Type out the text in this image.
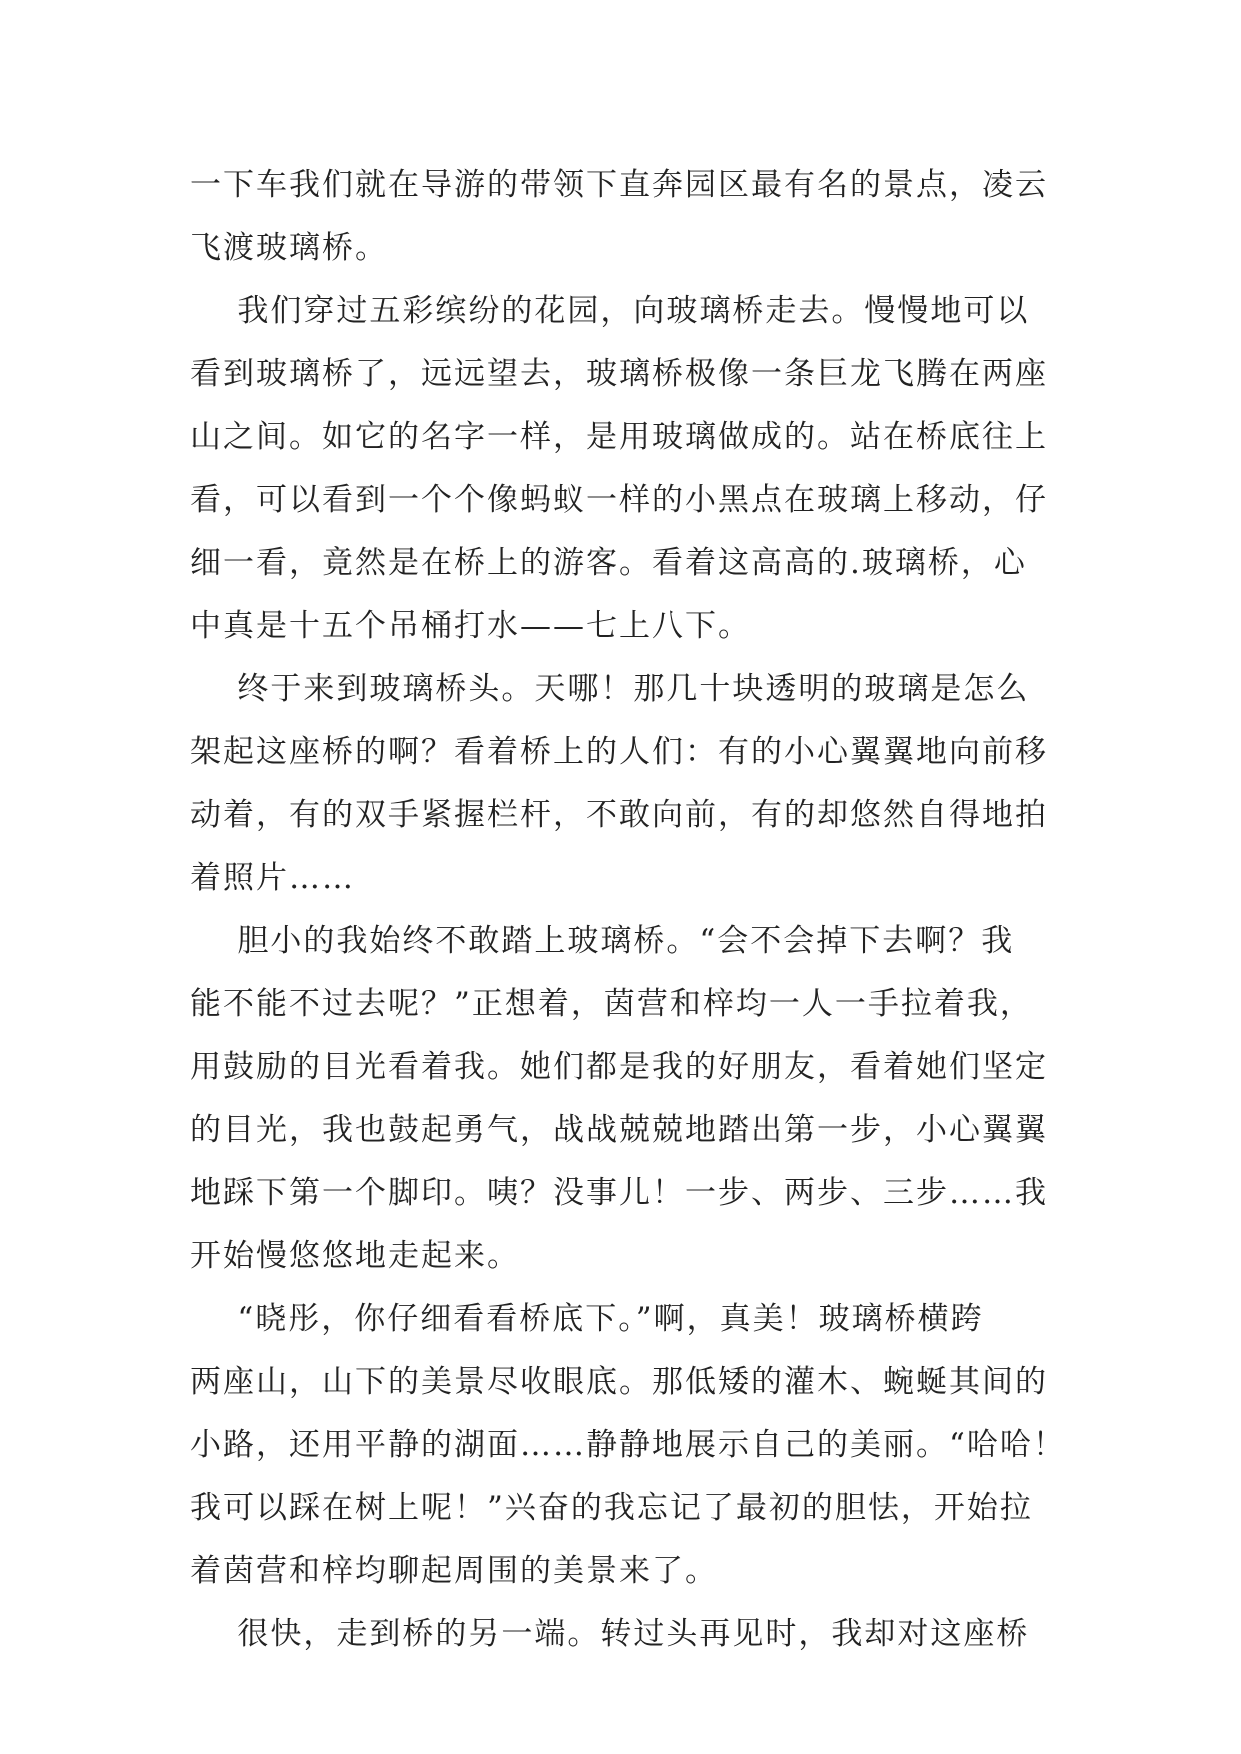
一下车我们就在导游的带领下直奔园区最有名的景点，凌云
飞渡玻璃桥。
我们穿过五彩缤纷的花园，向玻璃桥走去。慢慢地可以
看到玻璃桥了，远远望去，玻璃桥极像一条巨龙飞腾在两座
山之间。如它的名字一样，是用玻璃做成的。站在桥底往上
看，可以看到一个个像蚂蚁一样的小黑点在玻璃上移动，仔
细一看，竟然是在桥上的游客。看着这高高的.玻璃桥，心
中真是十五个吊桶打水——七上八下。
终于来到玻璃桥头。天哪！那几十块透明的玻璃是怎么
架起这座桥的啊？看着桥上的人们：有的小心翼翼地向前移
动着，有的双手紧握栏杆，不敢向前，有的却悠然自得地拍
着照片……
胆小的我始终不敢踏上玻璃桥。“会不会掉下去啊？我
能不能不过去呢？”正想着，茵营和梓均一人一手拉着我，
用鼓励的目光看着我。她们都是我的好朋友，看着她们坚定
的目光，我也鼓起勇气，战战兢兢地踏出第一步，小心翼翼
地踩下第一个脚印。咦？没事儿！一步、两步、三步……我
开始慢悠悠地走起来。
“晓彤，你仔细看看桥底下。”啊，真美！玻璃桥横跨
两座山，山下的美景尽收眼底。那低矮的灌木、蜿蜒其间的
小路，还用平静的湖面……静静地展示自己的美丽。“哈哈！
我可以踩在树上呢！”兴奋的我忘记了最初的胆怯，开始拉
着茵营和梓均聊起周围的美景来了。
很快，走到桥的另一端。转过头再见时，我却对这座桥
